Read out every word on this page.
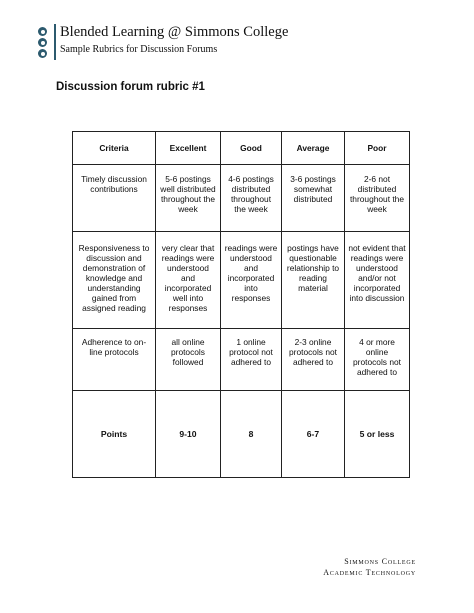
Blended Learning @ Simmons College
Sample Rubrics for Discussion Forums
Discussion forum rubric #1
Criteria	Excellent	Good	Average	Poor
Timely discussion contributions	5-6 postings well distributed throughout the week	4-6 postings distributed throughout the week	3-6 postings somewhat distributed	2-6 not distributed throughout the week
Responsiveness to discussion and demonstration of knowledge and understanding gained from assigned reading	very clear that readings were understood and incorporated well into responses	readings were understood and incorporated into responses	postings have questionable relationship to reading material	not evident that readings were understood and/or not incorporated into discussion
Adherence to on-line protocols	all online protocols followed	1 online protocol not adhered to	2-3 online protocols not adhered to	4 or more online protocols not adhered to
Points	9-10	8	6-7	5 or less
Simmons College
Academic Technology
